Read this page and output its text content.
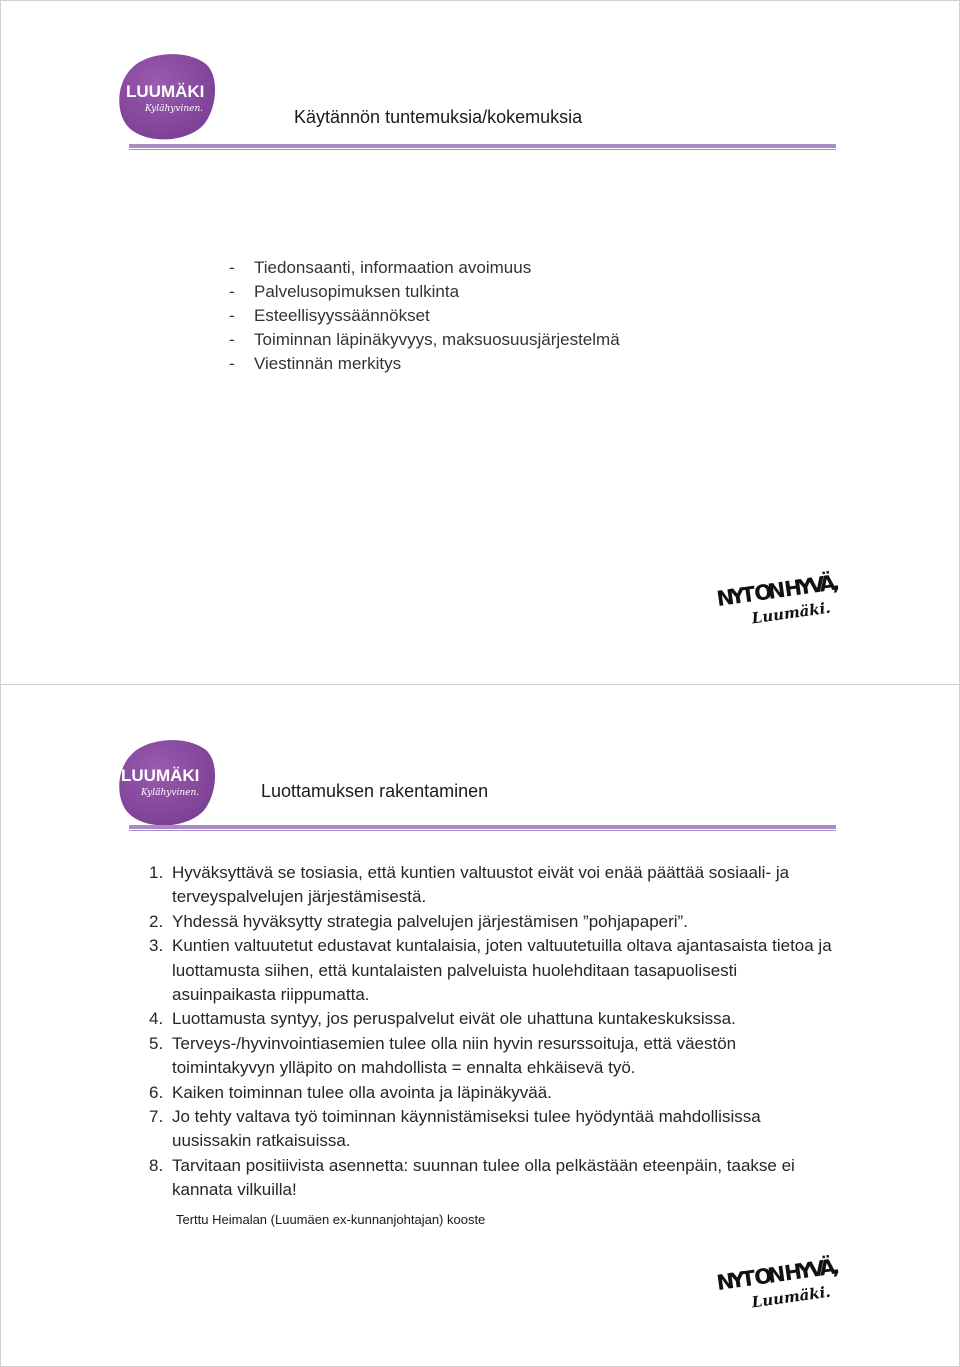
LUUMÄKI
Kylähyvinen.	Käytännön tuntemuksia/kokemuksia
-	Tiedonsaanti, informaation avoimuus
-	Palvelusopimuksen tulkinta
-	Esteellisyyssäännökset
-	Toiminnan läpinäkyvyys, maksuosuusjärjestelmä
-	Viestinnän merkitys
NYT ON HYVÄ,
Luumäki.
LUUMÄKI
Kylähyvinen.	Luottamuksen rakentaminen
1. Hyväksyttävä se tosiasia, että kuntien valtuustot eivät voi enää päättää sosiaali- ja terveyspalvelujen järjestämisestä.
2. Yhdessä hyväksytty strategia palvelujen järjestämisen ”pohjapaperi”.
3. Kuntien valtuutetut edustavat kuntalaisia, joten valtuutetuilla oltava ajantasaista tietoa ja luottamusta siihen, että kuntalaisten palveluista huolehditaan tasapuolisesti asuinpaikasta riippumatta.
4. Luottamusta syntyy, jos peruspalvelut eivät ole uhattuna kuntakeskuksissa.
5. Terveys-/hyvinvointiasemien tulee olla niin hyvin resurssoituja, että väestön toimintakyvyn ylläpito on mahdollista = ennalta ehkäisevä työ.
6. Kaiken toiminnan tulee olla avointa ja läpinäkyvää.
7. Jo tehty valtava työ toiminnan käynnistämiseksi tulee hyödyntää mahdollisissa uusissakin ratkaisuissa.
8. Tarvitaan positiivista asennetta: suunnan tulee olla pelkästään eteenpäin, taakse ei kannata vilkuilla!
Terttu Heimalan (Luumäen ex-kunnanjohtajan) kooste
NYT ON HYVÄ,
Luumäki.
